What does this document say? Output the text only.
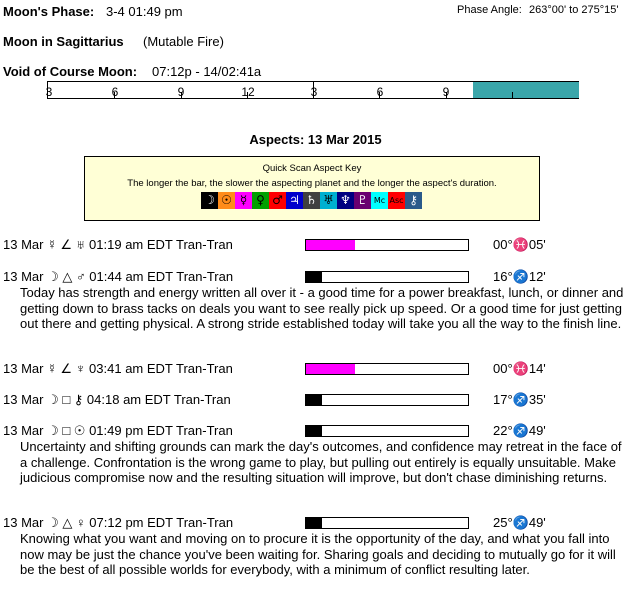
Moon's Phase: 3-4 01:49 pm	Phase Angle: 263°00' to 275°15'
Moon in Sagittarius (Mutable Fire)
Void of Course Moon: 07:12p - 14/02:41a
3	6	9	12	3	6	9
Aspects: 13 Mar 2015
Quick Scan Aspect Key
The longer the bar, the slower the aspecting planet and the longer the aspect's duration.
☽ ☉ ☿ ♀ ♂ ♃ ♄ ♅ ♆ ♇ Mc Asc ⚷
13 Mar ☿ ∠ ♅ 01:19 am EDT Tran-Tran	00°♓05'
13 Mar ☽ △ ♂ 01:44 am EDT Tran-Tran	16°♐12'
Today has strength and energy written all over it - a good time for a power breakfast, lunch, or dinner and getting down to brass tacks on deals you want to see really pick up speed. Or a good time for just getting out there and getting physical. A strong stride established today will take you all the way to the finish line.
13 Mar ☿ ∠ ♆ 03:41 am EDT Tran-Tran	00°♓14'
13 Mar ☽ □ ⚷ 04:18 am EDT Tran-Tran	17°♐35'
13 Mar ☽ □ ☉ 01:49 pm EDT Tran-Tran	22°♐49'
Uncertainty and shifting grounds can mark the day's outcomes, and confidence may retreat in the face of a challenge. Confrontation is the wrong game to play, but pulling out entirely is equally unsuitable. Make judicious compromise now and the resulting situation will improve, but don't chase diminishing returns.
13 Mar ☽ △ ♀ 07:12 pm EDT Tran-Tran	25°♐49'
Knowing what you want and moving on to procure it is the opportunity of the day, and what you fall into now may be just the chance you've been waiting for. Sharing goals and deciding to mutually go for it will be the best of all possible worlds for everybody, with a minimum of conflict resulting later.
